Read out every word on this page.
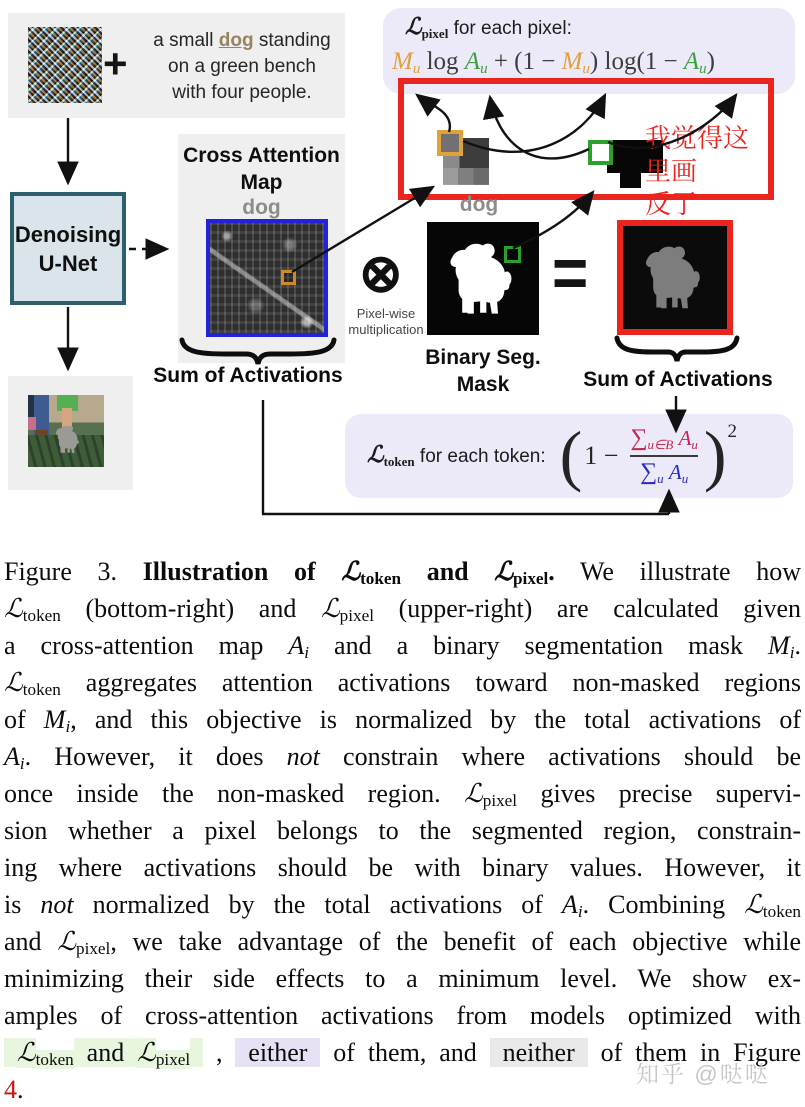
+	a small dog standing
on a green bench
with four people.
ℒ$_{pixel}$ for each pixel:
Mu log Au + (1 − Mu) log(1 − Au)
dog
我觉得这里画
反了
Denoising
U-Net
Cross Attention
Map
dog
Sum of Activations
⊗
Pixel-wise
multiplication
Binary Seg.
Mask
=
Sum of Activations
ℒ$_{token}$ for each token: ( $1 - \frac{\text{∑u∈B Au}}{\text{∑u Au}}$ ) 2
Figure 3. Illustration of ℒ$_{token}$ and ℒ$_{pixel}$. We illustrate how
ℒ$_{token}$ (bottom-right) and ℒ$_{pixel}$ (upper-right) are calculated given
a cross-attention map $A_i$ and a binary segmentation mask $M_i$.
ℒ$_{token}$ aggregates attention activations toward non-masked regions
of $M_i$, and this objective is normalized by the total activations of
$A_i$. However, it does not constrain where activations should be
once inside the non-masked region. ℒ$_{pixel}$ gives precise supervi-
sion whether a pixel belongs to the segmented region, constrain-
ing where activations should be with binary values. However, it
is not normalized by the total activations of $A_i$. Combining ℒ$_{token}$
and ℒ$_{pixel}$, we take advantage of the benefit of each objective while
minimizing their side effects to a minimum level. We show ex-
amples of cross-attention activations from models optimized with
ℒ$_{token}$ and ℒ$_{pixel}$  ,  either  of them, and  neither  of them in Figure
4.
知乎 @哒哒
